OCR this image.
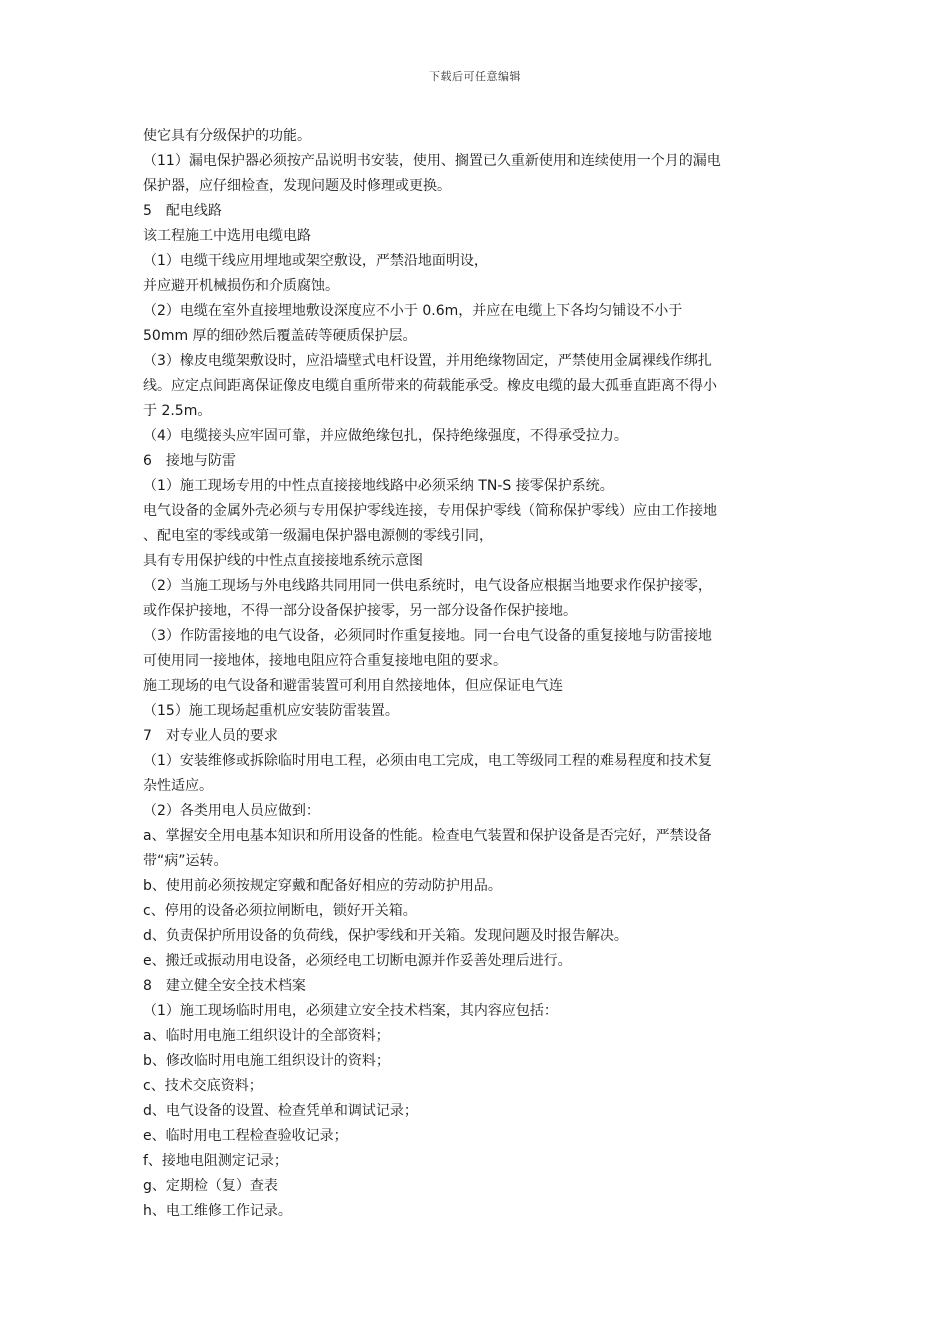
下载后可任意编辑
使它具有分级保护的功能。
（11）漏电保护器必须按产品说明书安装，使用、搁置已久重新使用和连续使用一个月的漏电
保护器，应仔细检查，发现问题及时修理或更换。
5　配电线路
该工程施工中选用电缆电路
（1）电缆干线应用埋地或架空敷设，严禁沿地面明设，
并应避开机械损伤和介质腐蚀。
（2）电缆在室外直接埋地敷设深度应不小于 0.6m，并应在电缆上下各均匀铺设不小于
50mm 厚的细砂然后覆盖砖等硬质保护层。
（3）橡皮电缆架敷设时，应沿墙壁式电杆设置，并用绝缘物固定，严禁使用金属裸线作绑扎
线。应定点间距离保证像皮电缆自重所带来的荷载能承受。橡皮电缆的最大孤垂直距离不得小
于 2.5m。
（4）电缆接头应牢固可靠，并应做绝缘包扎，保持绝缘强度，不得承受拉力。
6　接地与防雷
（1）施工现场专用的中性点直接接地线路中必须采纳 TN-S 接零保护系统。
电气设备的金属外壳必须与专用保护零线连接，专用保护零线（简称保护零线）应由工作接地
、配电室的零线或第一级漏电保护器电源侧的零线引同，
具有专用保护线的中性点直接接地系统示意图
（2）当施工现场与外电线路共同用同一供电系统时，电气设备应根据当地要求作保护接零，
或作保护接地，不得一部分设备保护接零，另一部分设备作保护接地。
（3）作防雷接地的电气设备，必须同时作重复接地。同一台电气设备的重复接地与防雷接地
可使用同一接地体，接地电阻应符合重复接地电阻的要求。
施工现场的电气设备和避雷装置可利用自然接地体，但应保证电气连
（15）施工现场起重机应安装防雷装置。
7　对专业人员的要求
（1）安装维修或拆除临时用电工程，必须由电工完成，电工等级同工程的难易程度和技术复
杂性适应。
（2）各类用电人员应做到：
a、掌握安全用电基本知识和所用设备的性能。检查电气装置和保护设备是否完好，严禁设备
带“病”运转。
b、使用前必须按规定穿戴和配备好相应的劳动防护用品。
c、停用的设备必须拉闸断电，锁好开关箱。
d、负责保护所用设备的负荷线，保护零线和开关箱。发现问题及时报告解决。
e、搬迁或振动用电设备，必须经电工切断电源并作妥善处理后进行。
8　建立健全安全技术档案
（1）施工现场临时用电，必须建立安全技术档案，其内容应包括：
a、临时用电施工组织设计的全部资料；
b、修改临时用电施工组织设计的资料；
c、技术交底资料；
d、电气设备的设置、检查凭单和调试记录；
e、临时用电工程检查验收记录；
f、接地电阻测定记录；
g、定期检（复）查表
h、电工维修工作记录。
